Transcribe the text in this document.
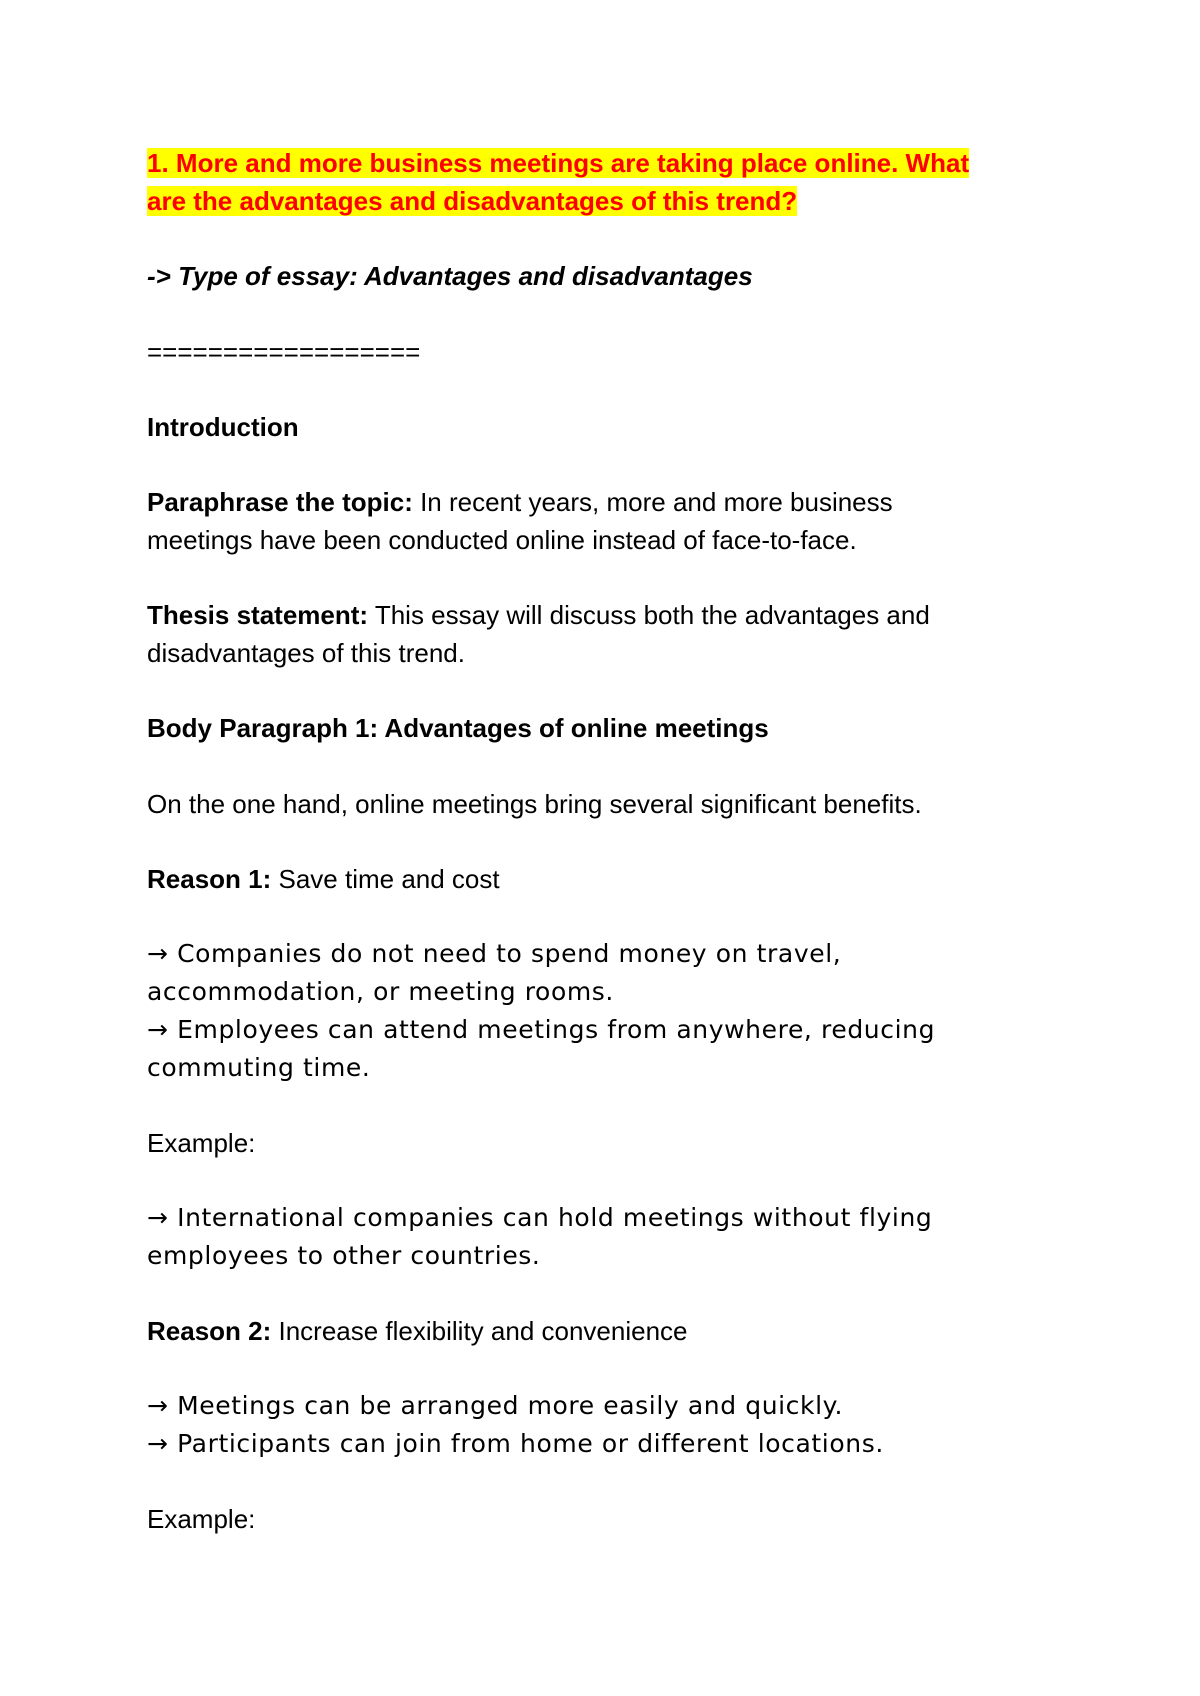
1. More and more business meetings are taking place online. What
are the advantages and disadvantages of this trend?
-> Type of essay: Advantages and disadvantages
==================
Introduction
Paraphrase the topic: In recent years, more and more business
meetings have been conducted online instead of face-to-face.
Thesis statement: This essay will discuss both the advantages and
disadvantages of this trend.
Body Paragraph 1: Advantages of online meetings
On the one hand, online meetings bring several significant benefits.
Reason 1: Save time and cost
→ Companies do not need to spend money on travel,
accommodation, or meeting rooms.
→ Employees can attend meetings from anywhere, reducing
commuting time.
Example:
→ International companies can hold meetings without flying
employees to other countries.
Reason 2: Increase flexibility and convenience
→ Meetings can be arranged more easily and quickly.
→ Participants can join from home or different locations.
Example:
